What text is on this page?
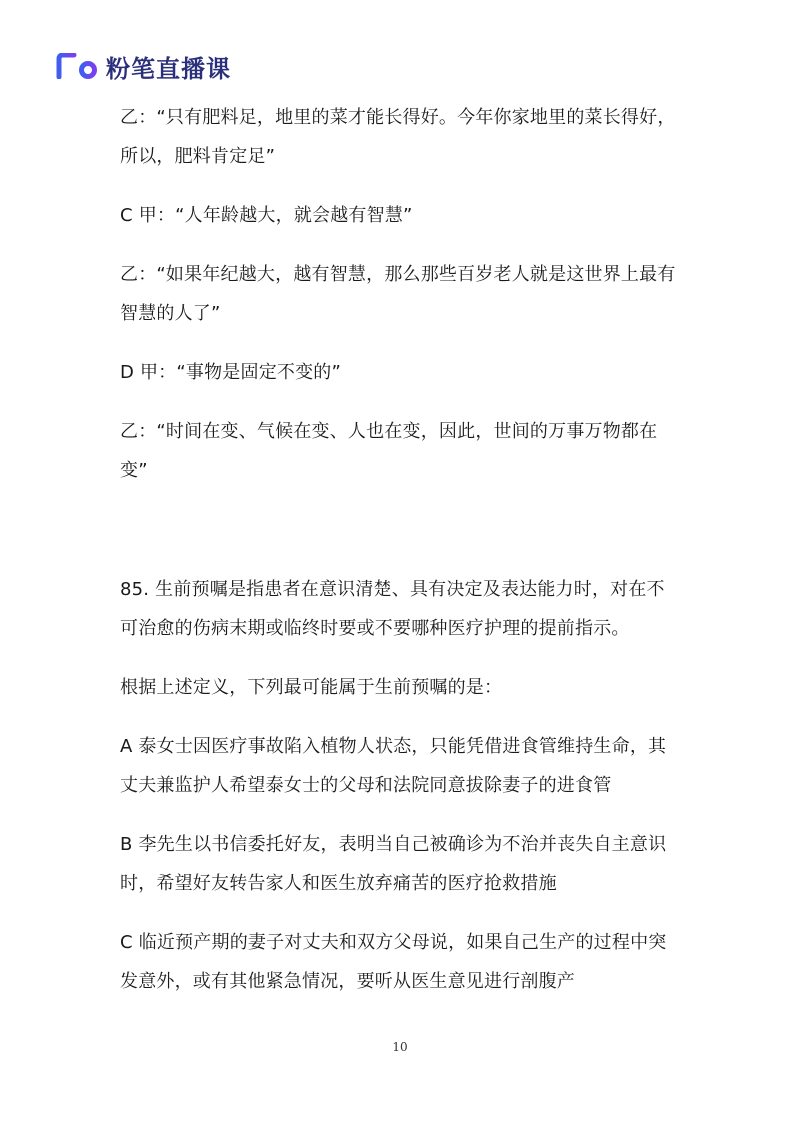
粉笔直播课

乙：“只有肥料足，地里的菜才能长得好。今年你家地里的菜长得好，所以，肥料肯定足”

C 甲：“人年龄越大，就会越有智慧”

乙：“如果年纪越大，越有智慧，那么那些百岁老人就是这世界上最有智慧的人了”

D 甲：“事物是固定不变的”

乙：“时间在变、气候在变、人也在变，因此，世间的万事万物都在变”

85. 生前预嘱是指患者在意识清楚、具有决定及表达能力时，对在不可治愈的伤病末期或临终时要或不要哪种医疗护理的提前指示。

根据上述定义，下列最可能属于生前预嘱的是：

A 泰女士因医疗事故陷入植物人状态，只能凭借进食管维持生命，其丈夫兼监护人希望泰女士的父母和法院同意拔除妻子的进食管

B 李先生以书信委托好友，表明当自己被确诊为不治并丧失自主意识时，希望好友转告家人和医生放弃痛苦的医疗抢救措施

C 临近预产期的妻子对丈夫和双方父母说，如果自己生产的过程中突发意外，或有其他紧急情况，要听从医生意见进行剖腹产

10
